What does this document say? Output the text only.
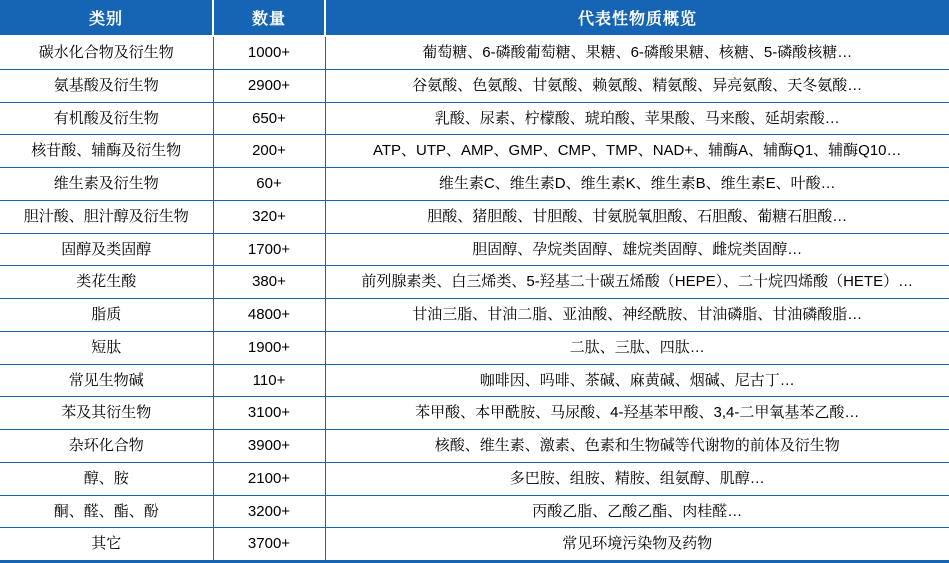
类别	数量	代表性物质概览
碳水化合物及衍生物	1000+	葡萄糖、6-磷酸葡萄糖、果糖、6-磷酸果糖、核糖、5-磷酸核糖…
氨基酸及衍生物	2900+	谷氨酸、色氨酸、甘氨酸、赖氨酸、精氨酸、异亮氨酸、天冬氨酸…
有机酸及衍生物	650+	乳酸、尿素、柠檬酸、琥珀酸、苹果酸、马来酸、延胡索酸…
核苷酸、辅酶及衍生物	200+	ATP、UTP、AMP、GMP、CMP、TMP、NAD+、辅酶A、辅酶Q1、辅酶Q10…
维生素及衍生物	60+	维生素C、维生素D、维生素K、维生素B、维生素E、叶酸…
胆汁酸、胆汁醇及衍生物	320+	胆酸、猪胆酸、甘胆酸、甘氨脱氧胆酸、石胆酸、葡糖石胆酸…
固醇及类固醇	1700+	胆固醇、孕烷类固醇、雄烷类固醇、雌烷类固醇…
类花生酸	380+	前列腺素类、白三烯类、5-羟基二十碳五烯酸（HEPE）、二十烷四烯酸（HETE）…
脂质	4800+	甘油三脂、甘油二脂、亚油酸、神经酰胺、甘油磷脂、甘油磷酸脂…
短肽	1900+	二肽、三肽、四肽…
常见生物碱	110+	咖啡因、吗啡、茶碱、麻黄碱、烟碱、尼古丁…
苯及其衍生物	3100+	苯甲酸、本甲酰胺、马尿酸、4-羟基苯甲酸、3,4-二甲氧基苯乙酸…
杂环化合物	3900+	核酸、维生素、激素、色素和生物碱等代谢物的前体及衍生物
醇、胺	2100+	多巴胺、组胺、精胺、组氨醇、肌醇…
酮、醛、酯、酚	3200+	丙酸乙脂、乙酸乙酯、肉桂醛…
其它	3700+	常见环境污染物及药物
